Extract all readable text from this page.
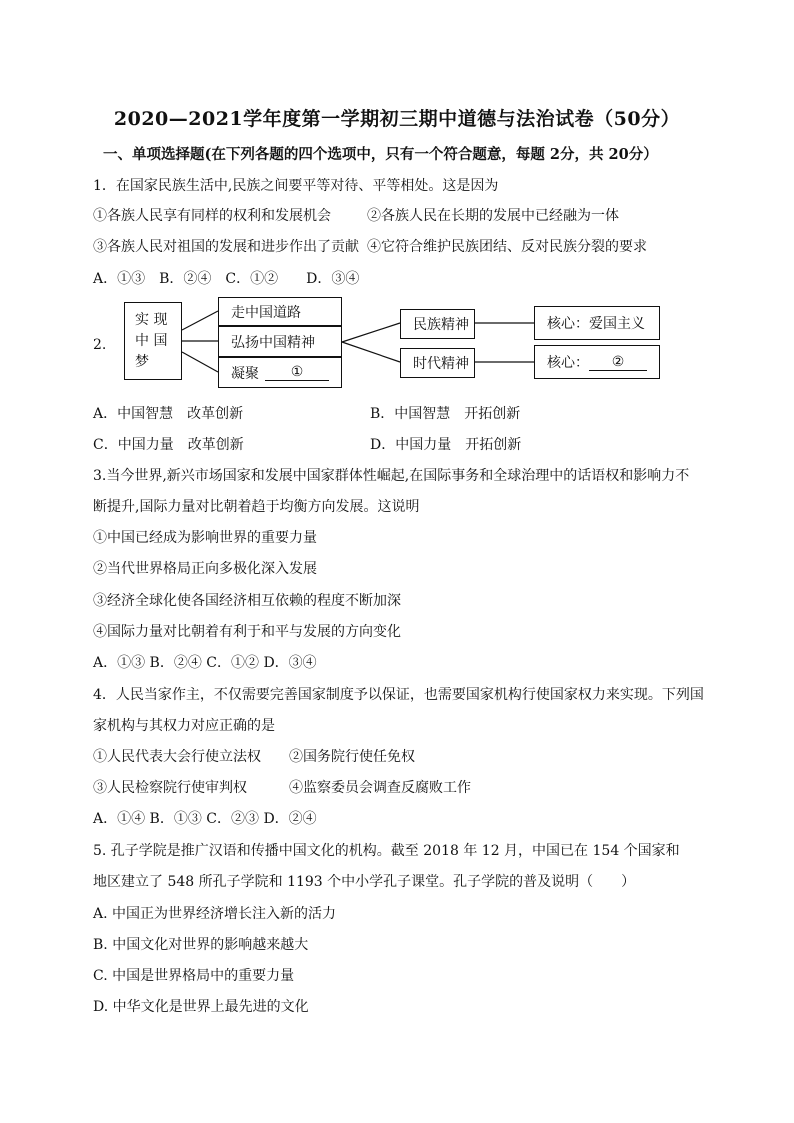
2020—2021学年度第一学期初三期中道德与法治试卷（50分）
一、单项选择题(在下列各题的四个选项中，只有一个符合题意，每题 2分，共 20分）
1．在国家民族生活中,民族之间要平等对待、平等相处。这是因为
①各族人民享有同样的权利和发展机会	②各族人民在长期的发展中已经融为一体
③各族人民对祖国的发展和进步作出了贡献 ④它符合维护民族团结、反对民族分裂的要求
A．①③　B．②④　C．①②　　D．③④
2.
实 现
中 国
梦
走中国道路
弘扬中国精神
凝聚	①
民族精神
时代精神
核心：爱国主义
核心：	②
A．中国智慧　改革创新	B．中国智慧　开拓创新
C．中国力量　改革创新	D．中国力量　开拓创新
3.当今世界,新兴市场国家和发展中国家群体性崛起,在国际事务和全球治理中的话语权和影响力不
断提升,国际力量对比朝着趋于均衡方向发展。这说明
①中国已经成为影响世界的重要力量
②当代世界格局正向多极化深入发展
③经济全球化使各国经济相互依赖的程度不断加深
④国际力量对比朝着有利于和平与发展的方向变化
A．①③ B．②④ C．①② D．③④
4．人民当家作主，不仅需要完善国家制度予以保证，也需要国家机构行使国家权力来实现。下列国
家机构与其权力对应正确的是
①人民代表大会行使立法权　　②国务院行使任免权
③人民检察院行使审判权　　　④监察委员会调查反腐败工作
A．①④ B．①③ C．②③ D．②④
5. 孔子学院是推广汉语和传播中国文化的机构。截至 2018 年 12 月，中国已在 154 个国家和
地区建立了 548 所孔子学院和 1193 个中小学孔子课堂。孔子学院的普及说明（　　）
A. 中国正为世界经济增长注入新的活力
B. 中国文化对世界的影响越来越大
C. 中国是世界格局中的重要力量
D. 中华文化是世界上最先进的文化
